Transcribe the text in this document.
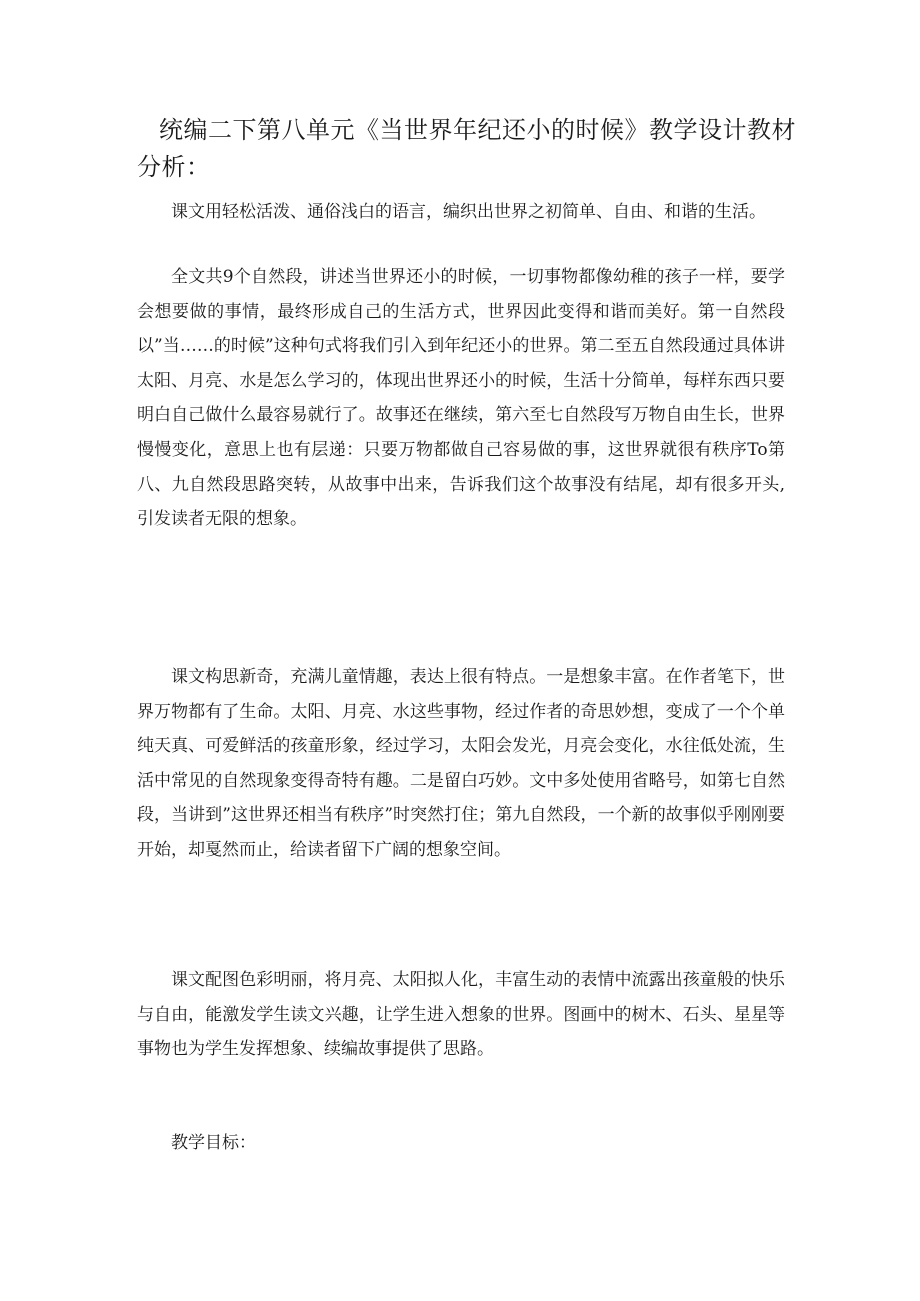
统编二下第八单元《当世界年纪还小的时候》教学设计教材分析：

课文用轻松活泼、通俗浅白的语言，编织出世界之初简单、自由、和谐的生活。

全文共9个自然段，讲述当世界还小的时候，一切事物都像幼稚的孩子一样，要学会想要做的事情，最终形成自己的生活方式，世界因此变得和谐而美好。第一自然段以”当……的时候”这种句式将我们引入到年纪还小的世界。第二至五自然段通过具体讲太阳、月亮、水是怎么学习的，体现出世界还小的时候，生活十分简单，每样东西只要明白自己做什么最容易就行了。故事还在继续，第六至七自然段写万物自由生长，世界慢慢变化，意思上也有层递：只要万物都做自己容易做的事，这世界就很有秩序To第八、九自然段思路突转，从故事中出来，告诉我们这个故事没有结尾，却有很多开头,引发读者无限的想象。

课文构思新奇，充满儿童情趣，表达上很有特点。一是想象丰富。在作者笔下，世界万物都有了生命。太阳、月亮、水这些事物，经过作者的奇思妙想，变成了一个个单纯天真、可爱鲜活的孩童形象，经过学习，太阳会发光，月亮会变化，水往低处流，生活中常见的自然现象变得奇特有趣。二是留白巧妙。文中多处使用省略号，如第七自然段，当讲到”这世界还相当有秩序”时突然打住；第九自然段，一个新的故事似乎刚刚要开始，却戛然而止，给读者留下广阔的想象空间。

课文配图色彩明丽，将月亮、太阳拟人化，丰富生动的表情中流露出孩童般的快乐与自由，能激发学生读文兴趣，让学生进入想象的世界。图画中的树木、石头、星星等事物也为学生发挥想象、续编故事提供了思路。

教学目标：
